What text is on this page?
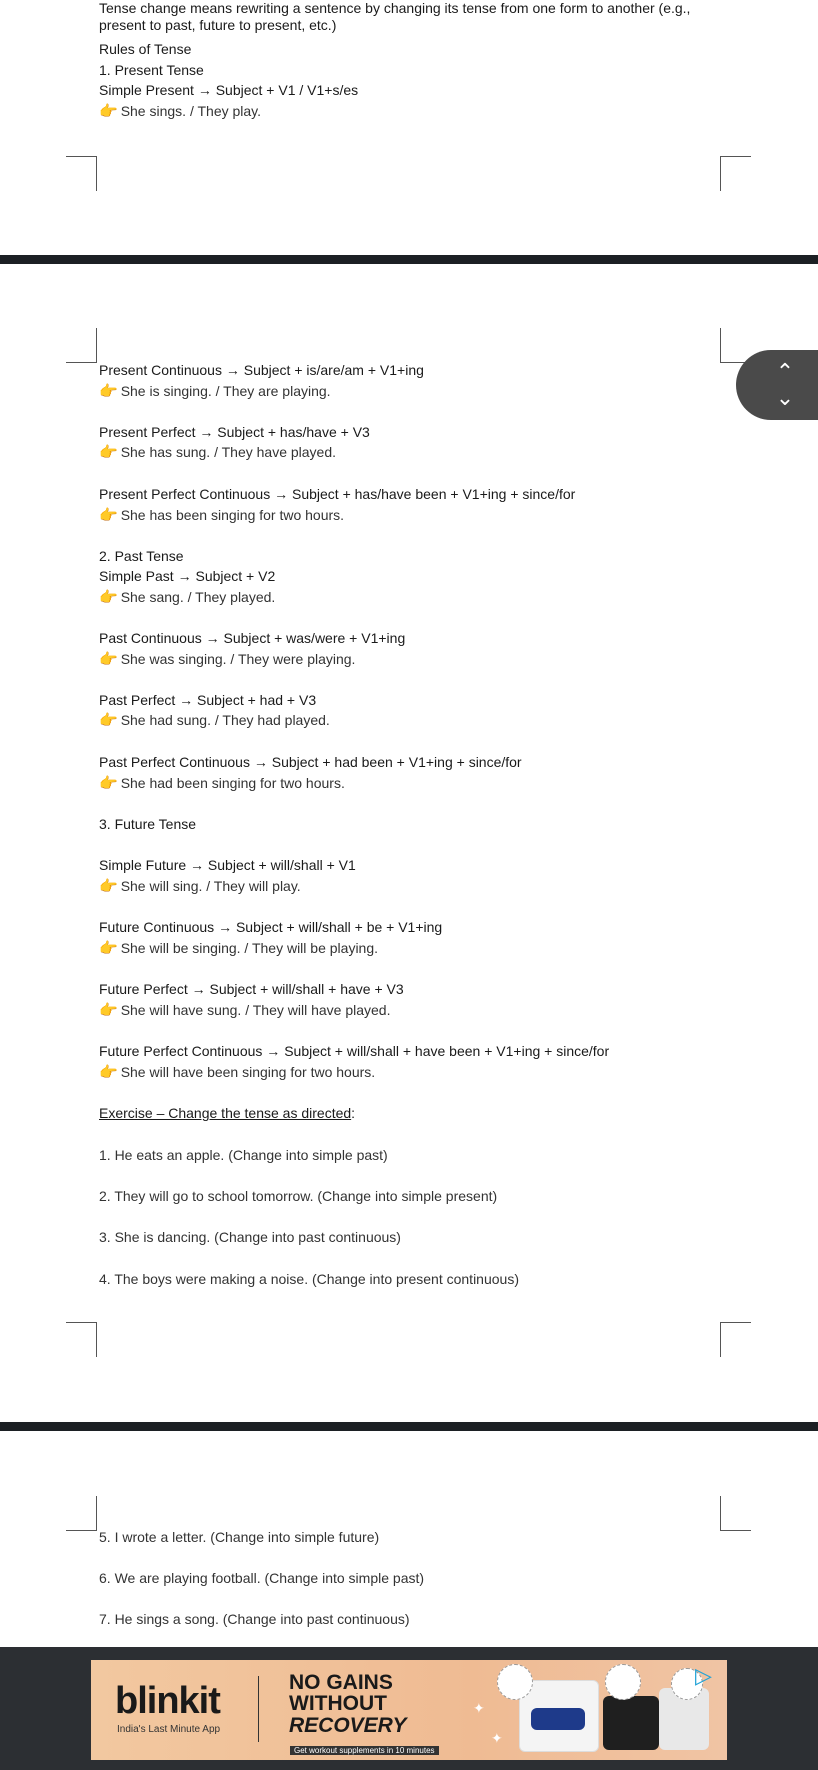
Tense change means rewriting a sentence by changing its tense from one form to another (e.g., present to past, future to present, etc.)
Rules of Tense
1. Present Tense
Simple Present → Subject + V1 / V1+s/es
👉 She sings. / They play.
Present Continuous → Subject + is/are/am + V1+ing
👉 She is singing. / They are playing.
Present Perfect → Subject + has/have + V3
👉 She has sung. / They have played.
Present Perfect Continuous → Subject + has/have been + V1+ing + since/for
👉 She has been singing for two hours.
2. Past Tense
Simple Past → Subject + V2
👉 She sang. / They played.
Past Continuous → Subject + was/were + V1+ing
👉 She was singing. / They were playing.
Past Perfect → Subject + had + V3
👉 She had sung. / They had played.
Past Perfect Continuous → Subject + had been + V1+ing + since/for
👉 She had been singing for two hours.
3. Future Tense
Simple Future → Subject + will/shall + V1
👉 She will sing. / They will play.
Future Continuous → Subject + will/shall + be + V1+ing
👉 She will be singing. / They will be playing.
Future Perfect → Subject + will/shall + have + V3
👉 She will have sung. / They will have played.
Future Perfect Continuous → Subject + will/shall + have been + V1+ing + since/for
👉 She will have been singing for two hours.
Exercise – Change the tense as directed:
1. He eats an apple. (Change into simple past)
2. They will go to school tomorrow. (Change into simple present)
3. She is dancing. (Change into past continuous)
4. The boys were making a noise. (Change into present continuous)
5. I wrote a letter. (Change into simple future)
6. We are playing football. (Change into simple past)
7. He sings a song. (Change into past continuous)
⌃
⌄
blinkit
India's Last Minute App
NO GAINS
WITHOUT
RECOVERY
Get workout supplements in 10 minutes
▷
✦
✦
